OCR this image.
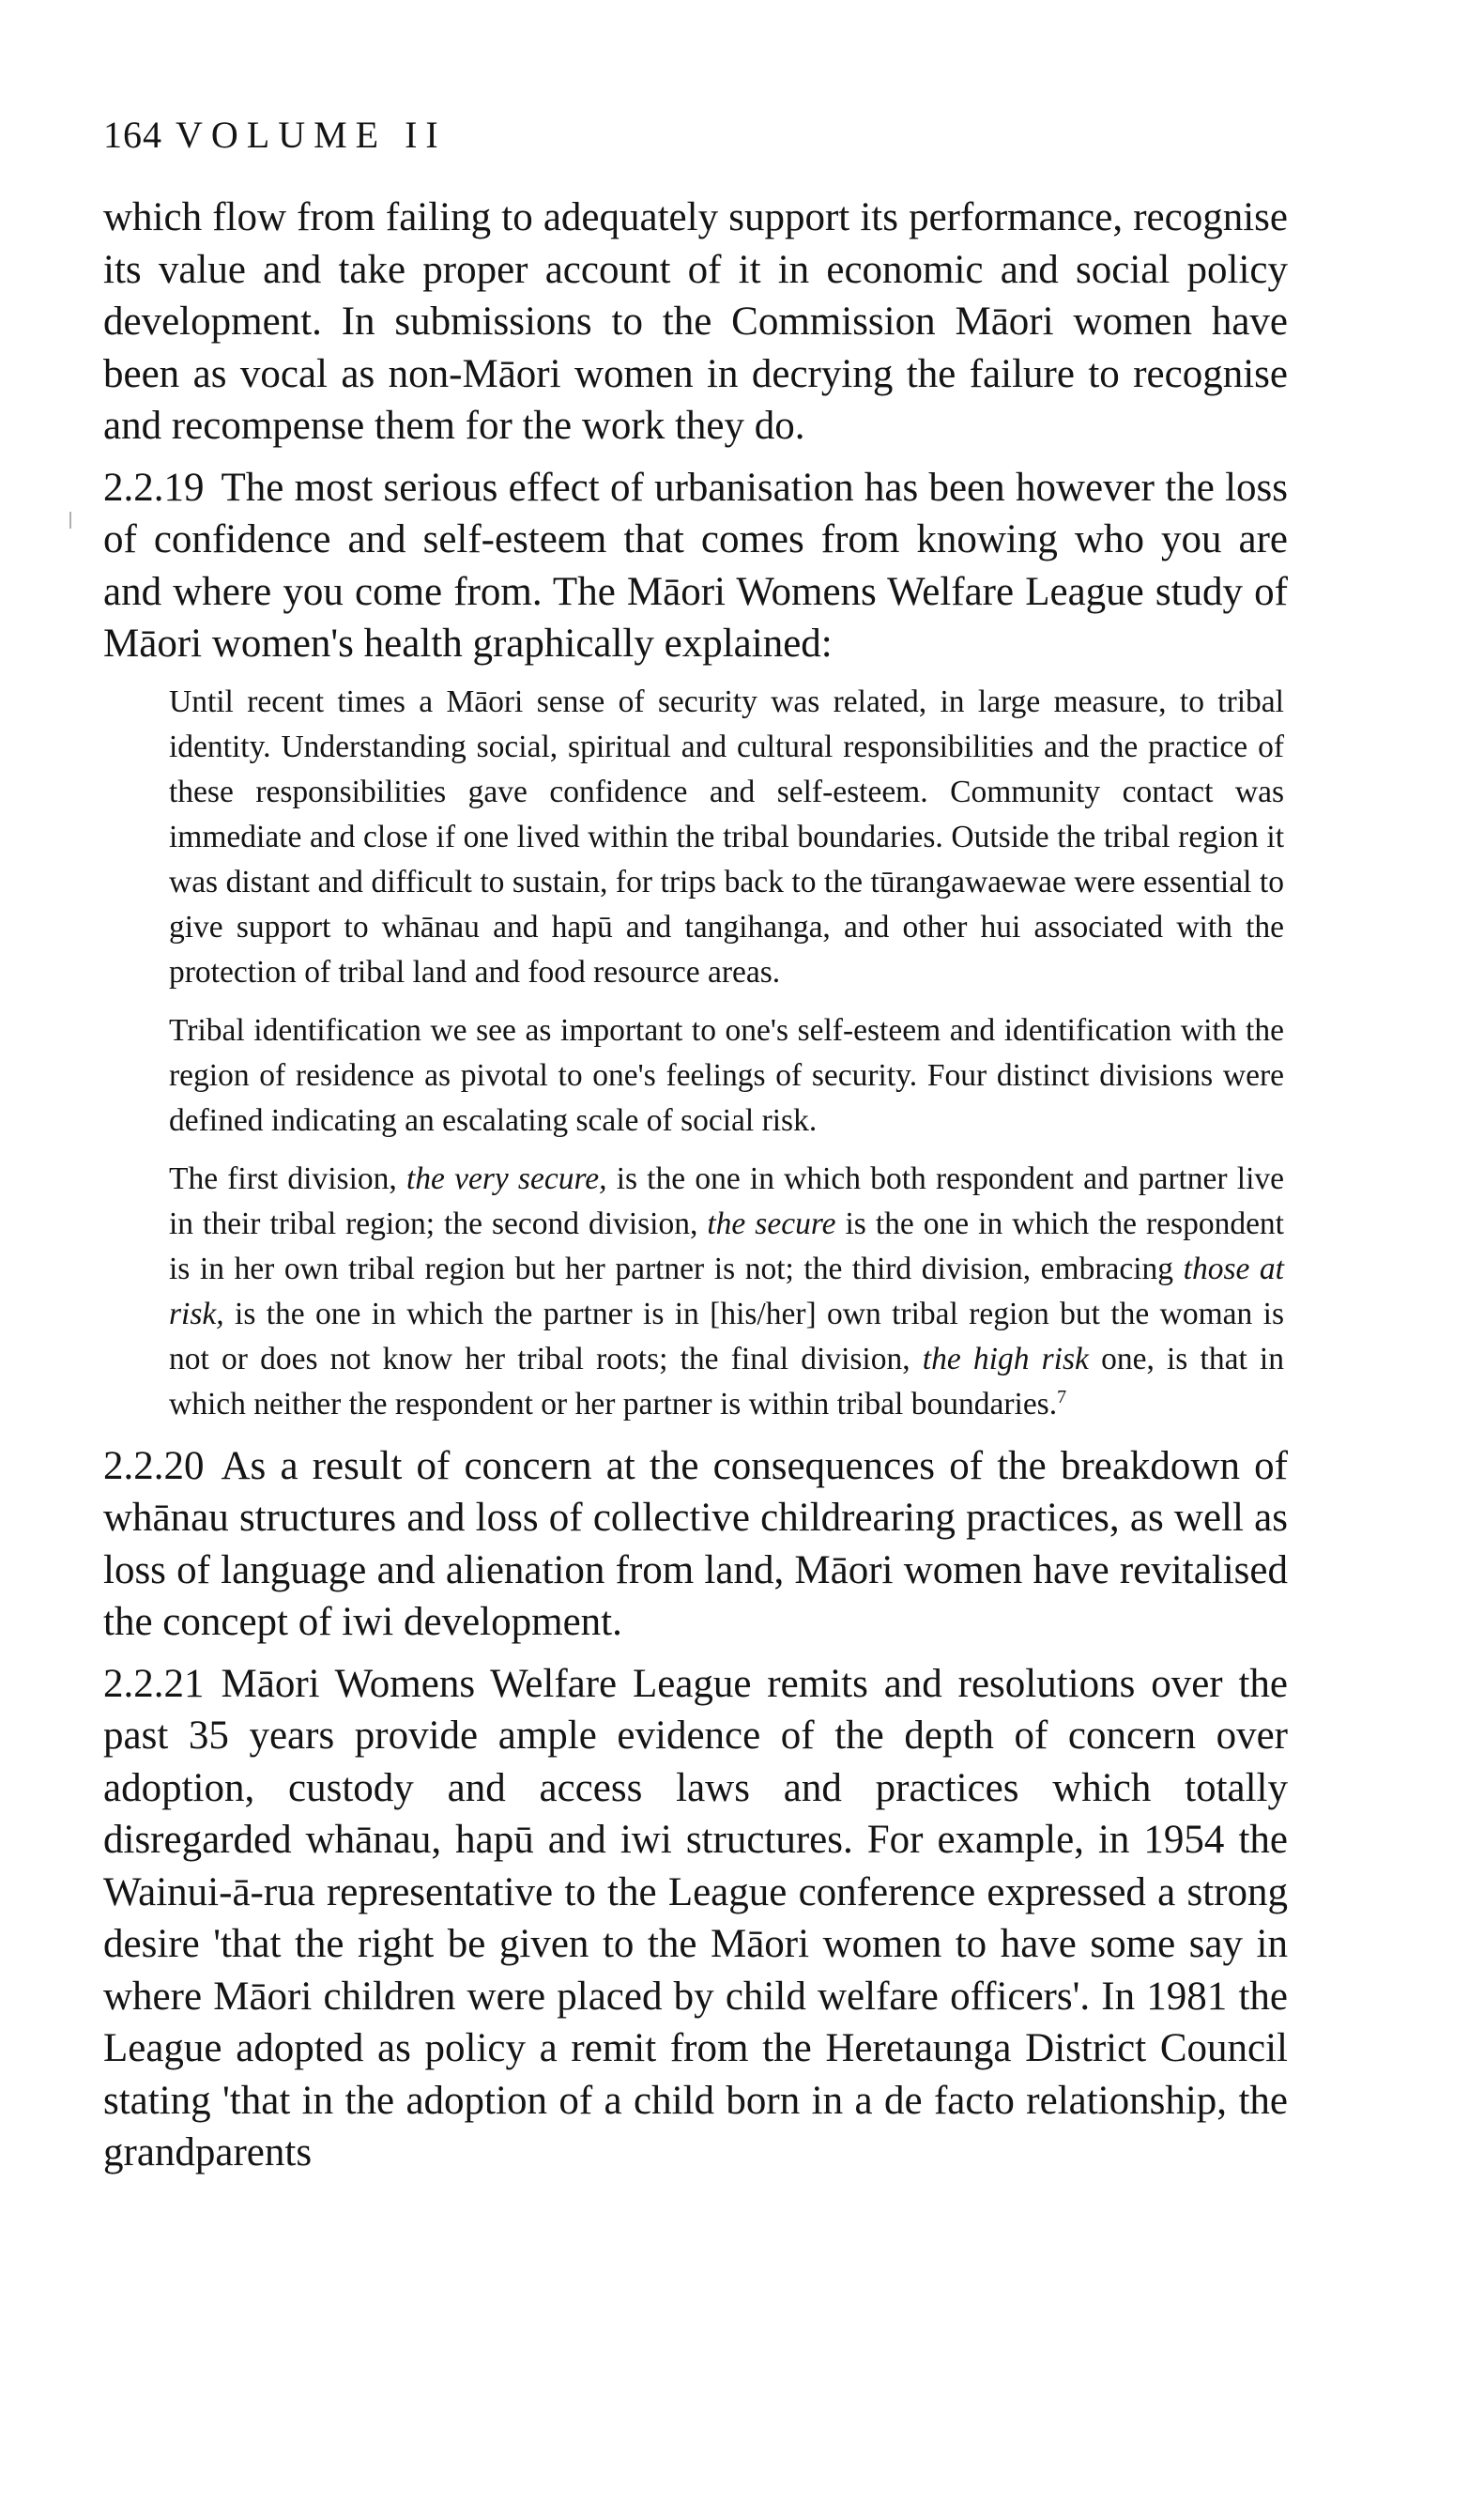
164 VOLUME II

which flow from failing to adequately support its performance, recognise its value and take proper account of it in economic and social policy development. In submissions to the Commission Māori women have been as vocal as non-Māori women in decrying the failure to recognise and recompense them for the work they do.

2.2.19 The most serious effect of urbanisation has been however the loss of confidence and self-esteem that comes from knowing who you are and where you come from. The Māori Womens Welfare League study of Māori women's health graphically explained:

Until recent times a Māori sense of security was related, in large measure, to tribal identity. Understanding social, spiritual and cultural responsibilities and the practice of these responsibilities gave confidence and self-esteem. Community contact was immediate and close if one lived within the tribal boundaries. Outside the tribal region it was distant and difficult to sustain, for trips back to the tūrangawaewae were essential to give support to whānau and hapū and tangihanga, and other hui associated with the protection of tribal land and food resource areas.

Tribal identification we see as important to one's self-esteem and identification with the region of residence as pivotal to one's feelings of security. Four distinct divisions were defined indicating an escalating scale of social risk.

The first division, the very secure, is the one in which both respondent and partner live in their tribal region; the second division, the secure is the one in which the respondent is in her own tribal region but her partner is not; the third division, embracing those at risk, is the one in which the partner is in [his/her] own tribal region but the woman is not or does not know her tribal roots; the final division, the high risk one, is that in which neither the respondent or her partner is within tribal boundaries.$^7$

2.2.20 As a result of concern at the consequences of the breakdown of whānau structures and loss of collective childrearing practices, as well as loss of language and alienation from land, Māori women have revitalised the concept of iwi development.

2.2.21 Māori Womens Welfare League remits and resolutions over the past 35 years provide ample evidence of the depth of concern over adoption, custody and access laws and practices which totally disregarded whānau, hapū and iwi structures. For example, in 1954 the Wainui-ā-rua representative to the League conference expressed a strong desire 'that the right be given to the Māori women to have some say in where Māori children were placed by child welfare officers'. In 1981 the League adopted as policy a remit from the Heretaunga District Council stating 'that in the adoption of a child born in a de facto relationship, the grandparents
